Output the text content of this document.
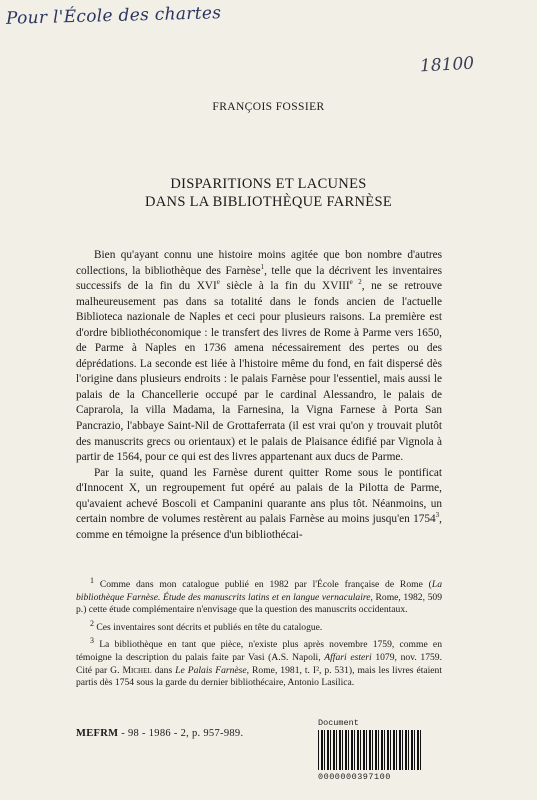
Pour l'École des chartes
18100
FRANÇOIS FOSSIER
DISPARITIONS ET LACUNES
DANS LA BIBLIOTHÈQUE FARNÈSE

Bien qu'ayant connu une histoire moins agitée que bon nombre d'autres collections, la bibliothèque des Farnèse$^1$, telle que la décrivent les inventaires successifs de la fin du XVIe siècle à la fin du $XVIII^{e 2}$, ne se retrouve malheureusement pas dans sa totalité dans le fonds ancien de l'actuelle Biblioteca nazionale de Naples et ceci pour plusieurs raisons. La première est d'ordre bibliothéconomique : le transfert des livres de Rome à Parme vers 1650, de Parme à Naples en 1736 amena nécessairement des pertes ou des déprédations. La seconde est liée à l'histoire même du fond, en fait dispersé dès l'origine dans plusieurs endroits : le palais Farnèse pour l'essentiel, mais aussi le palais de la Chancellerie occupé par le cardinal Alessandro, le palais de Caprarola, la villa Madama, la Farnesina, la Vigna Farnese à Porta San Pancrazio, l'abbaye Saint-Nil de Grottaferrata (il est vrai qu'on y trouvait plutôt des manuscrits grecs ou orientaux) et le palais de Plaisance édifié par Vignola à partir de 1564, pour ce qui est des livres appartenant aux ducs de Parme.

Par la suite, quand les Farnèse durent quitter Rome sous le pontificat d'Innocent X, un regroupement fut opéré au palais de la Pilotta de Parme, qu'avaient achevé Boscoli et Campanini quarante ans plus tôt. Néanmoins, un certain nombre de volumes restèrent au palais Farnèse au moins jusqu'en 1754$^3$, comme en témoigne la présence d'un bibliothécai-

$^1$ Comme dans mon catalogue publié en 1982 par l'École française de Rome (La bibliothèque Farnèse. Étude des manuscrits latins et en langue vernaculaire, Rome, 1982, 509 p.) cette étude complémentaire n'envisage que la question des manuscrits occidentaux.

$^2$ Ces inventaires sont décrits et publiés en tête du catalogue.

$^3$ La bibliothèque en tant que pièce, n'existe plus après novembre 1759, comme en témoigne la description du palais faite par Vasi (A.S. Napoli, Affari esteri 1079, nov. 1759. Cité par G. Michel dans Le Palais Farnèse, Rome, 1981, t. I², p. 531), mais les livres étaient partis dès 1754 sous la garde du dernier bibliothécaire, Antonio Lasilica.

MEFRM - 98 - 1986 - 2, p. 957-989.
Document
0000000397100
